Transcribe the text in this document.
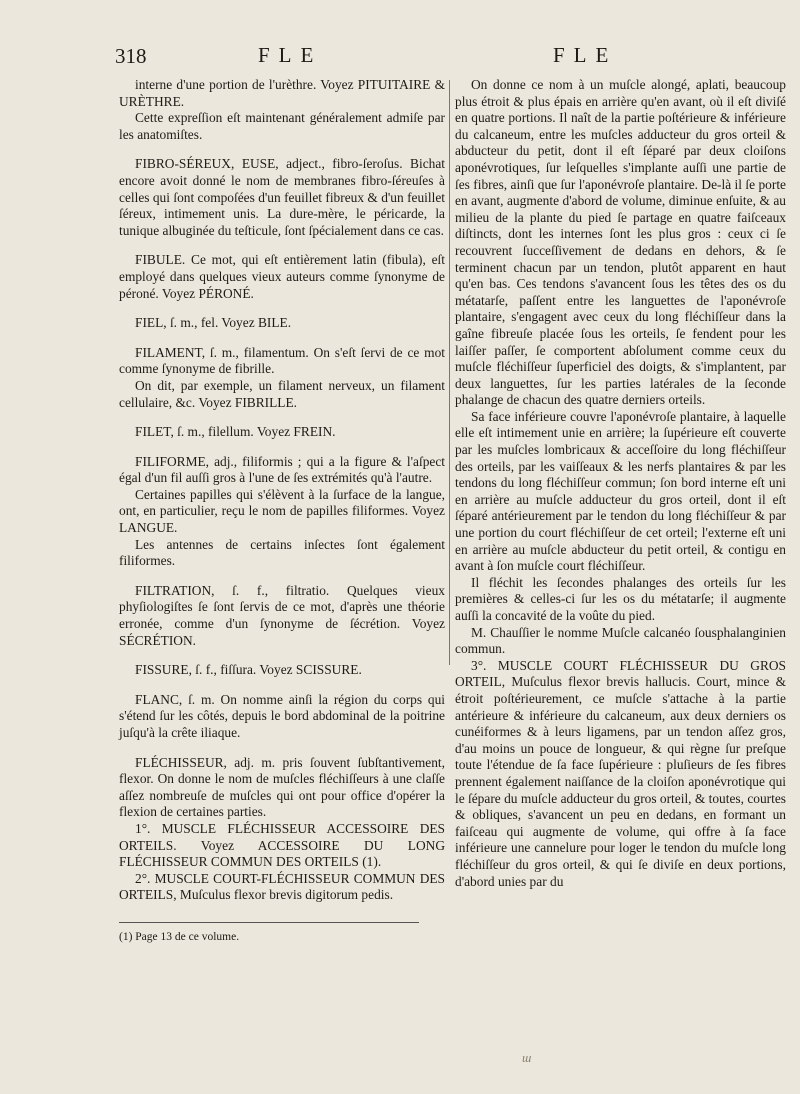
318	FLE	FLE

interne d'une portion de l'urèthre. Voyez PITUITAIRE & URÈTHRE.

Cette expreſſion eſt maintenant généralement admiſe par les anatomiſtes.

FIBRO-SÉREUX, EUSE, adject., fibro-ſeroſus. Bichat encore avoit donné le nom de membranes fibro-ſéreuſes à celles qui ſont compoſées d'un feuillet fibreux & d'un feuillet ſéreux, intimement unis. La dure-mère, le péricarde, la tunique albuginée du teſticule, ſont ſpécialement dans ce cas.

FIBULE. Ce mot, qui eſt entièrement latin (fibula), eſt employé dans quelques vieux auteurs comme ſynonyme de péroné. Voyez PÉRONÉ.

FIEL, ſ. m., fel. Voyez BILE.

FILAMENT, ſ. m., filamentum. On s'eſt ſervi de ce mot comme ſynonyme de fibrille.

On dit, par exemple, un filament nerveux, un filament cellulaire, &c. Voyez FIBRILLE.

FILET, ſ. m., filellum. Voyez FREIN.

FILIFORME, adj., filiformis ; qui a la figure & l'aſpect égal d'un fil auſſi gros à l'une de ſes extrémités qu'à l'autre.

Certaines papilles qui s'élèvent à la ſurface de la langue, ont, en particulier, reçu le nom de papilles filiformes. Voyez LANGUE.

Les antennes de certains inſectes ſont également filiformes.

FILTRATION, ſ. f., filtratio. Quelques vieux phyſiologiſtes ſe ſont ſervis de ce mot, d'après une théorie erronée, comme d'un ſynonyme de ſécrétion. Voyez SÉCRÉTION.

FISSURE, ſ. f., fiſſura. Voyez SCISSURE.

FLANC, ſ. m. On nomme ainſi la région du corps qui s'étend ſur les côtés, depuis le bord abdominal de la poitrine juſqu'à la crête iliaque.

FLÉCHISSEUR, adj. m. pris ſouvent ſubſtantivement, flexor. On donne le nom de muſcles fléchiſſeurs à une claſſe aſſez nombreuſe de muſcles qui ont pour office d'opérer la flexion de certaines parties.

1°. MUSCLE FLÉCHISSEUR ACCESSOIRE DES ORTEILS. Voyez ACCESSOIRE DU LONG FLÉCHISSEUR COMMUN DES ORTEILS (1).

2°. MUSCLE COURT-FLÉCHISSEUR COMMUN DES ORTEILS, Muſculus flexor brevis digitorum pedis.

(1) Page 13 de ce volume.

On donne ce nom à un muſcle alongé, aplati, beaucoup plus étroit & plus épais en arrière qu'en avant, où il eſt diviſé en quatre portions. Il naît de la partie poſtérieure & inférieure du calcaneum, entre les muſcles adducteur du gros orteil & abducteur du petit, dont il eſt ſéparé par deux cloiſons aponévrotiques, ſur leſquelles s'implante auſſi une partie de ſes fibres, ainſi que ſur l'aponévroſe plantaire. De-là il ſe porte en avant, augmente d'abord de volume, diminue enſuite, & au milieu de la plante du pied ſe partage en quatre faiſceaux diſtincts, dont les internes ſont les plus gros : ceux ci ſe recouvrent ſucceſſivement de dedans en dehors, & ſe terminent chacun par un tendon, plutôt apparent en haut qu'en bas. Ces tendons s'avancent ſous les têtes des os du métatarſe, paſſent entre les languettes de l'aponévroſe plantaire, s'engagent avec ceux du long fléchiſſeur dans la gaîne fibreuſe placée ſous les orteils, ſe fendent pour les laiſſer paſſer, ſe comportent abſolument comme ceux du muſcle fléchiſſeur ſuperficiel des doigts, & s'implantent, par deux languettes, ſur les parties latérales de la ſeconde phalange de chacun des quatre derniers orteils.

Sa face inférieure couvre l'aponévroſe plantaire, à laquelle elle eſt intimement unie en arrière; la ſupérieure eſt couverte par les muſcles lombricaux & acceſſoire du long fléchiſſeur des orteils, par les vaiſſeaux & les nerfs plantaires & par les tendons du long fléchiſſeur commun; ſon bord interne eſt uni en arrière au muſcle adducteur du gros orteil, dont il eſt ſéparé antérieurement par le tendon du long fléchiſſeur & par une portion du court fléchiſſeur de cet orteil; l'externe eſt uni en arrière au muſcle abducteur du petit orteil, & contigu en avant à ſon muſcle court fléchiſſeur.

Il fléchit les ſecondes phalanges des orteils ſur les premières & celles-ci ſur les os du métatarſe; il augmente auſſi la concavité de la voûte du pied.

M. Chauſſier le nomme Muſcle calcanéo ſousphalanginien commun.

3°. MUSCLE COURT FLÉCHISSEUR DU GROS ORTEIL, Muſculus flexor brevis hallucis. Court, mince & étroit poſtérieurement, ce muſcle s'attache à la partie antérieure & inférieure du calcaneum, aux deux derniers os cunéiformes & à leurs ligamens, par un tendon aſſez gros, d'au moins un pouce de longueur, & qui règne ſur preſque toute l'étendue de ſa face ſupérieure : pluſieurs de ſes fibres prennent également naiſſance de la cloiſon aponévrotique qui le ſépare du muſcle adducteur du gros orteil, & toutes, courtes & obliques, s'avancent un peu en dedans, en formant un faiſceau qui augmente de volume, qui offre à ſa face inférieure une cannelure pour loger le tendon du muſcle long fléchiſſeur du gros orteil, & qui ſe diviſe en deux portions, d'abord unies par du

ɯ
